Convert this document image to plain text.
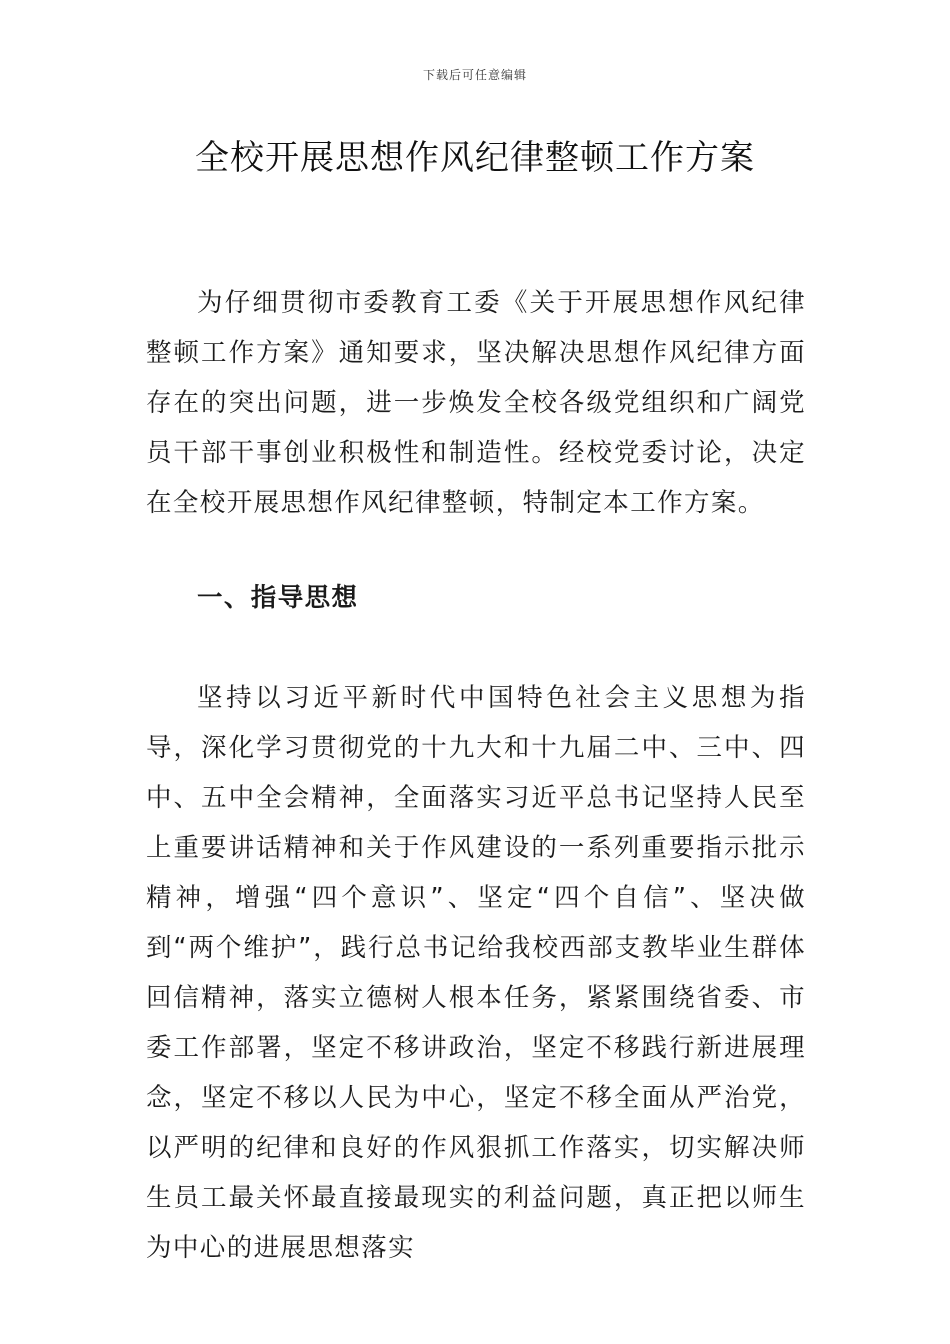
下载后可任意编辑
全校开展思想作风纪律整顿工作方案

为仔细贯彻市委教育工委《关于开展思想作风纪律整顿工作方案》通知要求，坚决解决思想作风纪律方面存在的突出问题，进一步焕发全校各级党组织和广阔党员干部干事创业积极性和制造性。经校党委讨论，决定在全校开展思想作风纪律整顿，特制定本工作方案。

一、指导思想

坚持以习近平新时代中国特色社会主义思想为指导，深化学习贯彻党的十九大和十九届二中、三中、四中、五中全会精神，全面落实习近平总书记坚持人民至上重要讲话精神和关于作风建设的一系列重要指示批示精神，增强“四个意识”、坚定“四个自信”、坚决做到“两个维护”，践行总书记给我校西部支教毕业生群体回信精神，落实立德树人根本任务，紧紧围绕省委、市委工作部署，坚定不移讲政治，坚定不移践行新进展理念，坚定不移以人民为中心，坚定不移全面从严治党，以严明的纪律和良好的作风狠抓工作落实，切实解决师生员工最关怀最直接最现实的利益问题，真正把以师生为中心的进展思想落实
